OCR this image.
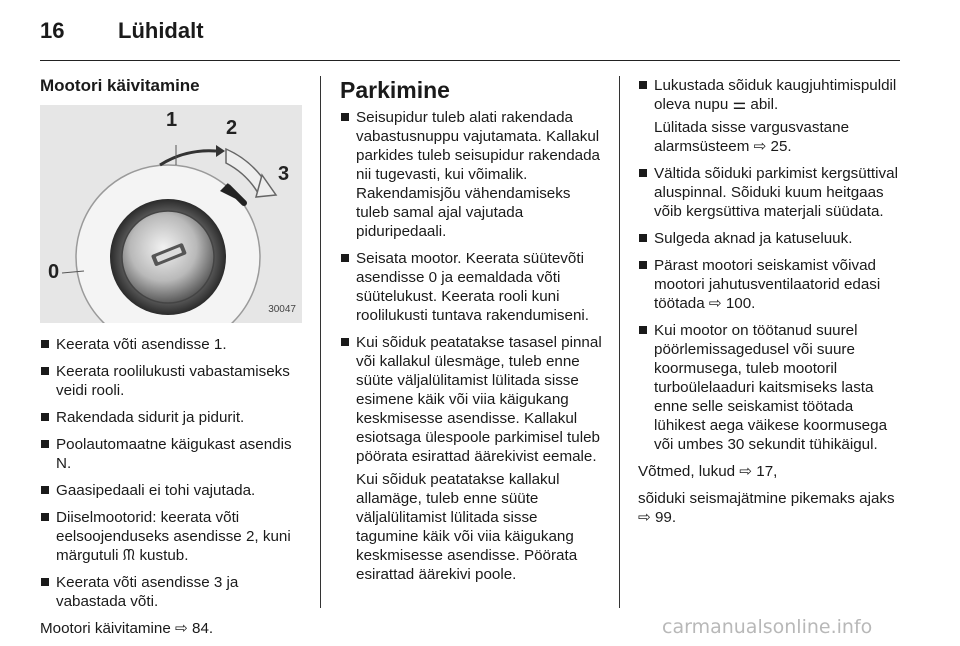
16 Lühidalt
Mootori käivitamine
1 2
3
0
30047
Keerata võti asendisse 1.
Keerata roolilukusti vabastamiseks veidi rooli.
Rakendada sidurit ja pidurit.
Poolautomaatne käigukast asendis N.
Gaasipedaali ei tohi vajutada.
Diiselmootorid: keerata võti eelsoojenduseks asendisse 2, kuni märgutuli ᙏ kustub.
Keerata võti asendisse 3 ja vabastada võti.

Mootori käivitamine ⇨ 84.

Parkimine
Seisupidur tuleb alati rakendada vabastusnuppu vajutamata. Kallakul parkides tuleb seisupidur rakendada nii tugevasti, kui võimalik. Rakendamisjõu vähendamiseks tuleb samal ajal vajutada piduripedaali.
Seisata mootor. Keerata süütevõti asendisse 0 ja eemaldada võti süütelukust. Keerata rooli kuni roolilukusti tuntava rakendumiseni.
Kui sõiduk peatatakse tasasel pinnal või kallakul ülesmäge, tuleb enne süüte väljalülitamist lülitada sisse esimene käik või viia käigukang keskmisesse asendisse. Kallakul esiotsaga ülespoole parkimisel tuleb pöörata esirattad äärekivist eemale.

Kui sõiduk peatatakse kallakul allamäge, tuleb enne süüte väljalülitamist lülitada sisse tagumine käik või viia käigukang keskmisesse asendisse. Pöörata esirattad äärekivi poole.

Lukustada sõiduk kaugjuhtimispuldil oleva nupu ⚌ abil.

Lülitada sisse vargusvastane alarmsüsteem ⇨ 25.

Vältida sõiduki parkimist kergsüttival aluspinnal. Sõiduki kuum heitgaas võib kergsüttiva materjali süüdata.
Sulgeda aknad ja katuseluuk.
Pärast mootori seiskamist võivad mootori jahutusventilaatorid edasi töötada ⇨ 100.
Kui mootor on töötanud suurel pöörlemissagedusel või suure koormusega, tuleb mootoril turboülelaaduri kaitsmiseks lasta enne selle seiskamist töötada lühikest aega väikese koormusega või umbes 30 sekundit tühikäigul.

Võtmed, lukud ⇨ 17,

sõiduki seismajätmine pikemaks ajaks ⇨ 99.

carmanualsonline.info
